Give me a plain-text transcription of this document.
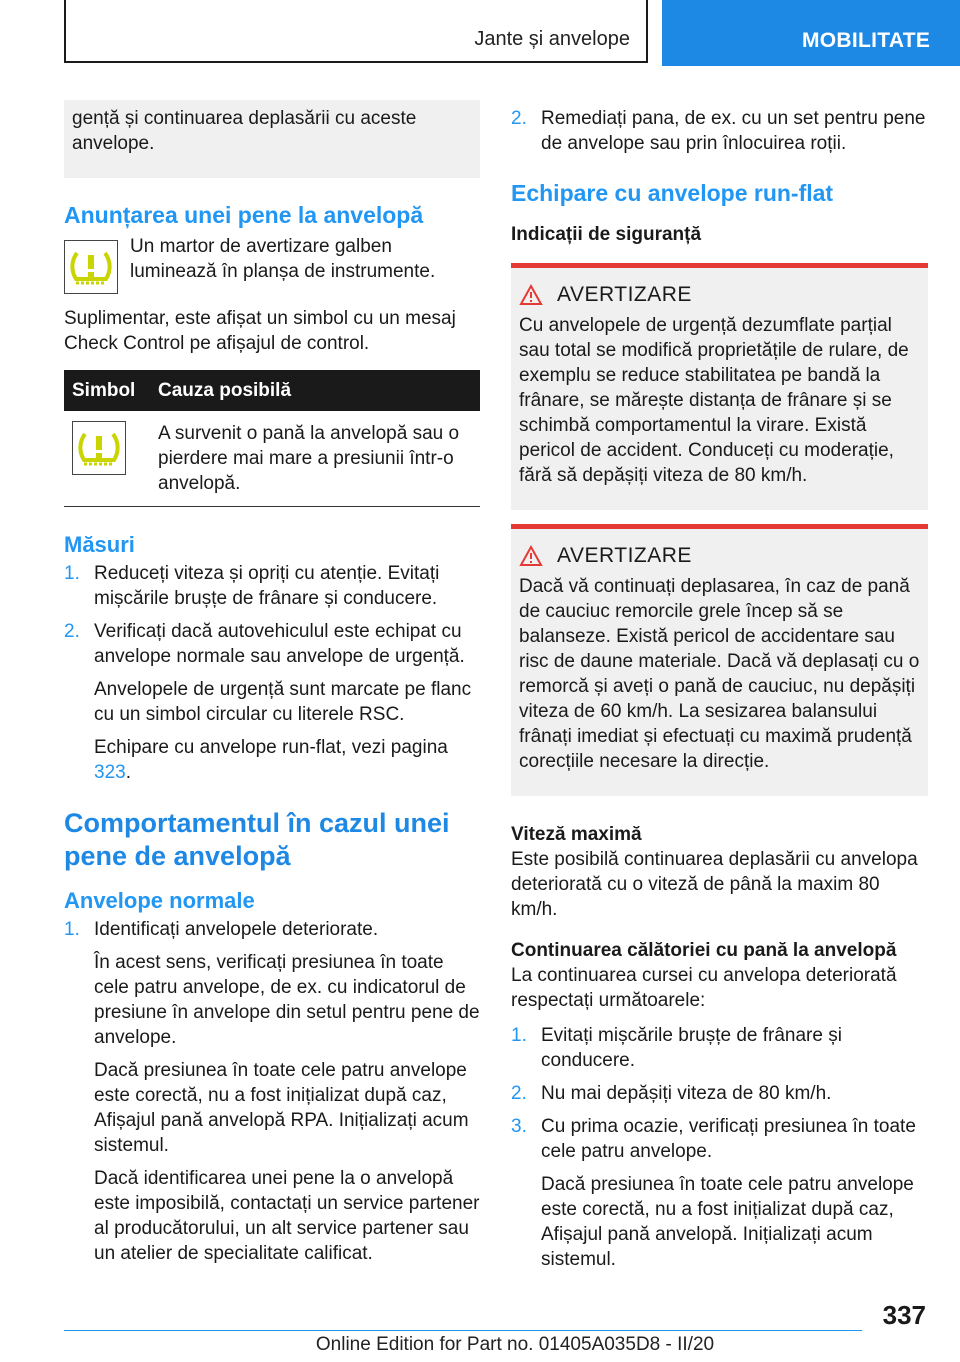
Jante și anvelope	MOBILITATE

gență și continuarea deplasării cu aceste anvelope.

Anunțarea unei pene la anvelopă

Un martor de avertizare galben luminează în planșa de instrumente.

Suplimentar, este afișat un simbol cu un mesaj Check Control pe afișajul de control.

Simbol	Cauza posibilă

	A survenit o pană la anvelopă sau o pierdere mai mare a presiunii într-o anvelopă.
Măsuri
1. Reduceți viteza și opriți cu atenție. Evitați mișcările brușțe de frânare și conducere.

2. Verificați dacă autovehiculul este echipat cu anvelope normale sau anvelope de urgență.

Anvelopele de urgență sunt marcate pe flanc cu un simbol circular cu literele RSC.

Echipare cu anvelope run-flat, vezi pagina 323.

Comportamentul în cazul unei pene de anvelopă
Anvelope normale
1. Identificați anvelopele deteriorate.

În acest sens, verificați presiunea în toate cele patru anvelope, de ex. cu indicatorul de presiune în anvelope din setul pentru pene de anvelope.

Dacă presiunea în toate cele patru anvelope este corectă, nu a fost inițializat după caz, Afișajul pană anvelopă RPA. Inițializați acum sistemul.

Dacă identificarea unei pene la o anvelopă este imposibilă, contactați un service partener al producătorului, un alt service partener sau un atelier de specialitate calificat.

2. Remediați pana, de ex. cu un set pentru pene de anvelope sau prin înlocuirea roții.

Echipare cu anvelope run-flat
Indicații de siguranță
AVERTIZARE

Cu anvelopele de urgență dezumflate parțial sau total se modifică proprietățile de rulare, de exemplu se reduce stabilitatea pe bandă la frânare, se mărește distanța de frânare și se schimbă comportamentul la virare. Există pericol de accident. Conduceți cu moderație, fără să depășiți viteza de 80 km/h.

AVERTIZARE

Dacă vă continuați deplasarea, în caz de pană de cauciuc remorcile grele încep să se balanseze. Există pericol de accidentare sau risc de daune materiale. Dacă vă deplasați cu o remorcă și aveți o pană de cauciuc, nu depășiți viteza de 60 km/h. La sesizarea balansului frânați imediat și efectuați cu maximă prudență corecțiile necesare la direcție.

Viteză maximă

Este posibilă continuarea deplasării cu anvelopa deteriorată cu o viteză de până la maxim 80 km/h.

Continuarea călătoriei cu pană la anvelopă

La continuarea cursei cu anvelopa deteriorată respectați următoarele:

1. Evitați mișcările brușțe de frânare și conducere.

2. Nu mai depășiți viteza de 80 km/h.

3. Cu prima ocazie, verificați presiunea în toate cele patru anvelope.

Dacă presiunea în toate cele patru anvelope este corectă, nu a fost inițializat după caz, Afișajul pană anvelopă. Inițializați acum sistemul.

337
Online Edition for Part no. 01405A035D8 - II/20
